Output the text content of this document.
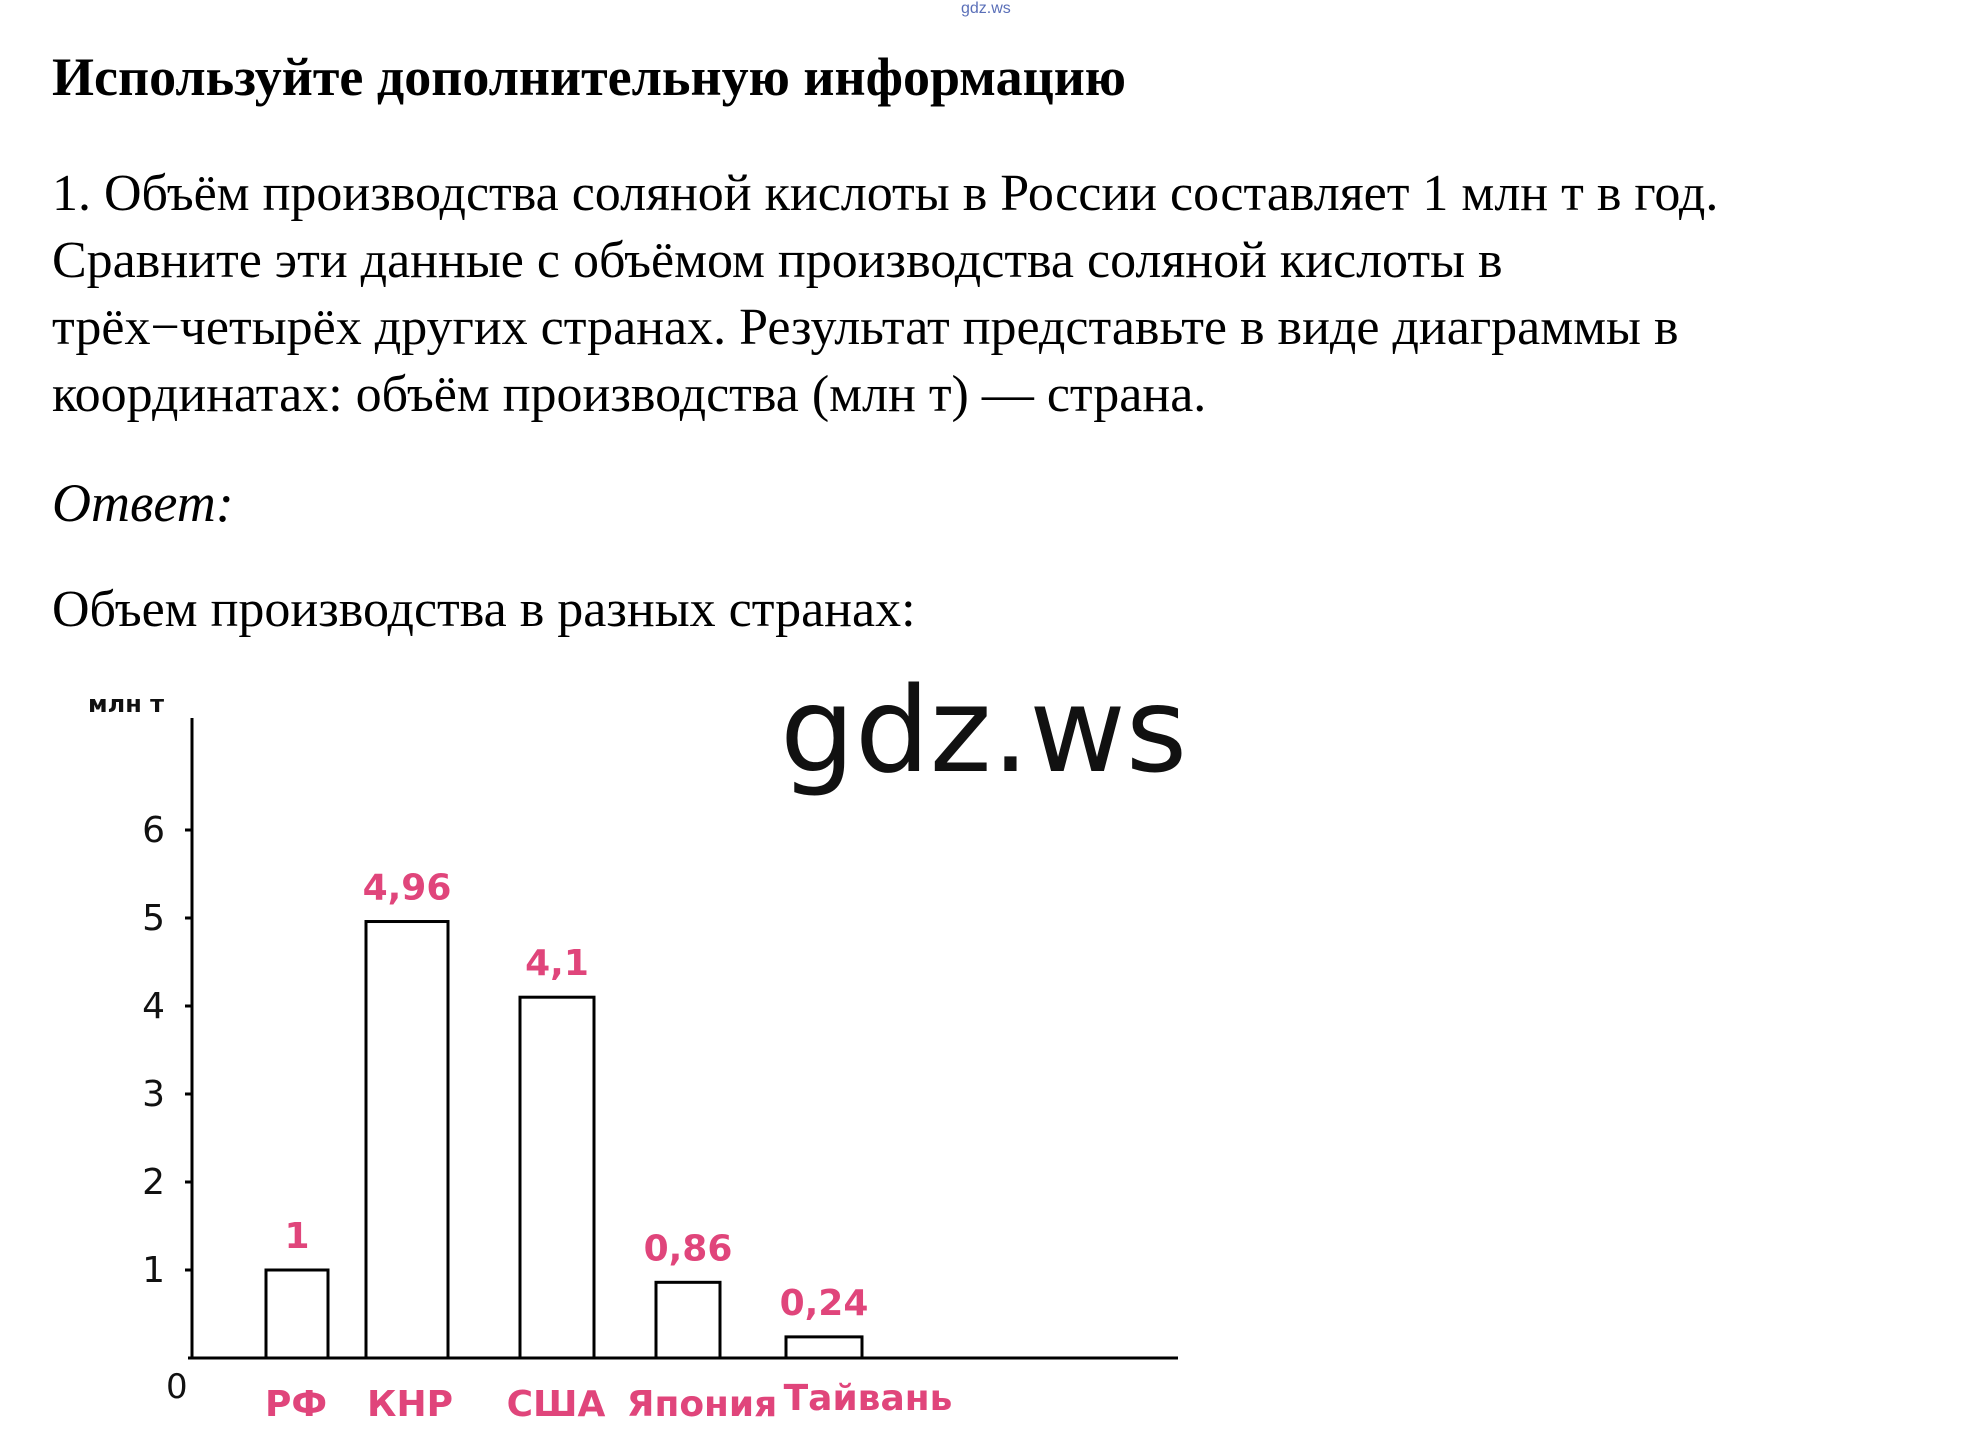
gdz.ws
Используйте дополнительную информацию
1. Объём производства соляной кислоты в России составляет 1 млн т в год.
Сравните эти данные с объёмом производства соляной кислоты в
трёх−четырёх других странах. Результат представьте в виде диаграммы в
координатах: объём производства (млн т) — страна.
Ответ:
Объем производства в разных странах:
млн т
0
1
2
3
4
5
6
1
РФ
4,96
КНР
4,1
США
0,86
Япония
0,24
Тайвань
gdz.ws
